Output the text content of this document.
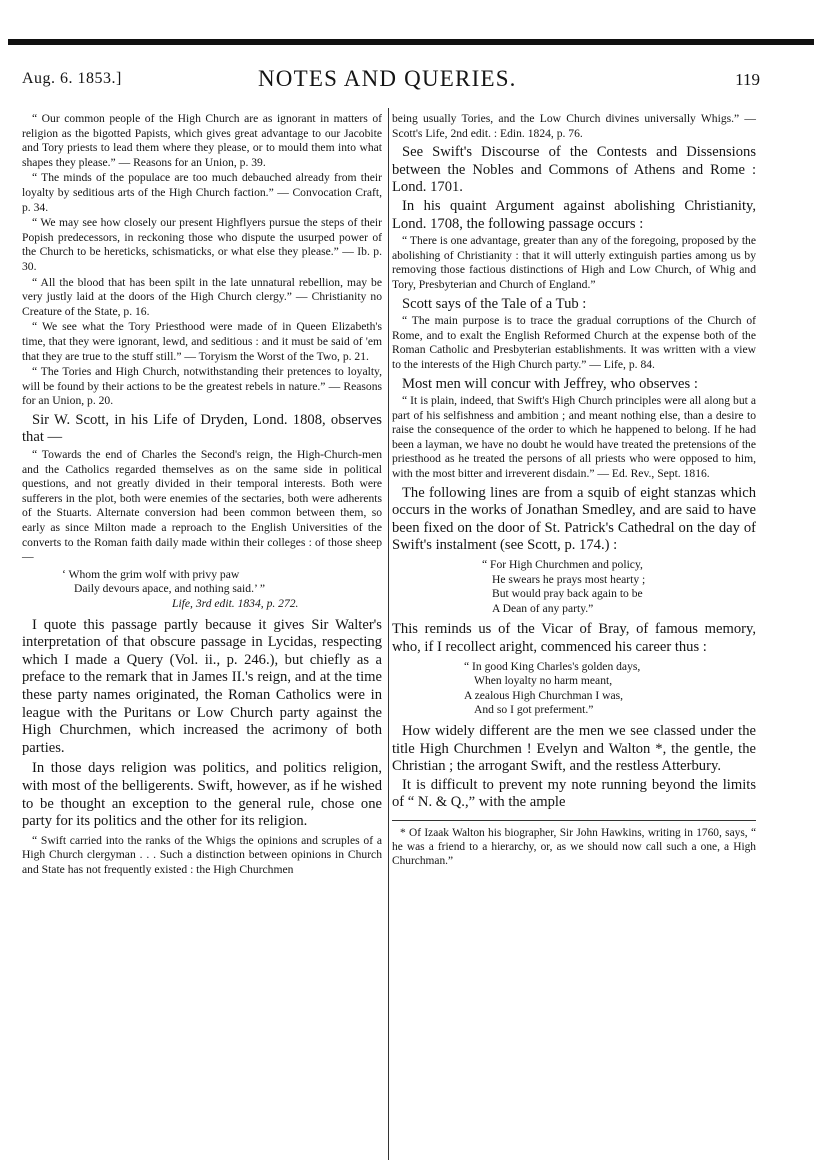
Aug. 6. 1853.]	NOTES AND QUERIES.	119

“ Our common people of the High Church are as ignorant in matters of religion as the bigotted Papists, which gives great advantage to our Jacobite and Tory priests to lead them where they please, or to mould them into what shapes they please.” — Reasons for an Union, p. 39.

“ The minds of the populace are too much debauched already from their loyalty by seditious arts of the High Church faction.” — Convocation Craft, p. 34.

“ We may see how closely our present Highflyers pursue the steps of their Popish predecessors, in reckoning those who dispute the usurped power of the Church to be hereticks, schismaticks, or what else they please.” — Ib. p. 30.

“ All the blood that has been spilt in the late unnatural rebellion, may be very justly laid at the doors of the High Church clergy.” — Christianity no Creature of the State, p. 16.

“ We see what the Tory Priesthood were made of in Queen Elizabeth's time, that they were ignorant, lewd, and seditious : and it must be said of 'em that they are true to the stuff still.” — Toryism the Worst of the Two, p. 21.

“ The Tories and High Church, notwithstanding their pretences to loyalty, will be found by their actions to be the greatest rebels in nature.” — Reasons for an Union, p. 20.

Sir W. Scott, in his Life of Dryden, Lond. 1808, observes that —

“ Towards the end of Charles the Second's reign, the High-Church-men and the Catholics regarded themselves as on the same side in political questions, and not greatly divided in their temporal interests. Both were sufferers in the plot, both were enemies of the sectaries, both were adherents of the Stuarts. Alternate conversion had been common between them, so early as since Milton made a reproach to the English Universities of the converts to the Roman faith daily made within their colleges : of those sheep —

‘ Whom the grim wolf with privy paw
Daily devours apace, and nothing said.’ ”
Life, 3rd edit. 1834, p. 272.

I quote this passage partly because it gives Sir Walter's interpretation of that obscure passage in Lycidas, respecting which I made a Query (Vol. ii., p. 246.), but chiefly as a preface to the remark that in James II.'s reign, and at the time these party names originated, the Roman Catholics were in league with the Puritans or Low Church party against the High Churchmen, which increased the acrimony of both parties.

In those days religion was politics, and politics religion, with most of the belligerents. Swift, however, as if he wished to be thought an exception to the general rule, chose one party for its politics and the other for its religion.

“ Swift carried into the ranks of the Whigs the opinions and scruples of a High Church clergyman . . . Such a distinction between opinions in Church and State has not frequently existed : the High Churchmen

being usually Tories, and the Low Church divines universally Whigs.” — Scott's Life, 2nd edit. : Edin. 1824, p. 76.

See Swift's Discourse of the Contests and Dissensions between the Nobles and Commons of Athens and Rome : Lond. 1701.

In his quaint Argument against abolishing Christianity, Lond. 1708, the following passage occurs :

“ There is one advantage, greater than any of the foregoing, proposed by the abolishing of Christianity : that it will utterly extinguish parties among us by removing those factious distinctions of High and Low Church, of Whig and Tory, Presbyterian and Church of England.”

Scott says of the Tale of a Tub :

“ The main purpose is to trace the gradual corruptions of the Church of Rome, and to exalt the English Reformed Church at the expense both of the Roman Catholic and Presbyterian establishments. It was written with a view to the interests of the High Church party.” — Life, p. 84.

Most men will concur with Jeffrey, who observes :

“ It is plain, indeed, that Swift's High Church principles were all along but a part of his selfishness and ambition ; and meant nothing else, than a desire to raise the consequence of the order to which he happened to belong. If he had been a layman, we have no doubt he would have treated the pretensions of the priesthood as he treated the persons of all priests who were opposed to him, with the most bitter and irreverent disdain.” — Ed. Rev., Sept. 1816.

The following lines are from a squib of eight stanzas which occurs in the works of Jonathan Smedley, and are said to have been fixed on the door of St. Patrick's Cathedral on the day of Swift's instalment (see Scott, p. 174.) :

“ For High Churchmen and policy,
He swears he prays most hearty ;
But would pray back again to be
A Dean of any party.”

This reminds us of the Vicar of Bray, of famous memory, who, if I recollect aright, commenced his career thus :

“ In good King Charles's golden days,
When loyalty no harm meant,
A zealous High Churchman I was,
And so I got preferment.”

How widely different are the men we see classed under the title High Churchmen ! Evelyn and Walton *, the gentle, the Christian ; the arrogant Swift, and the restless Atterbury.

It is difficult to prevent my note running beyond the limits of “ N. & Q.,” with the ample

* Of Izaak Walton his biographer, Sir John Hawkins, writing in 1760, says, “ he was a friend to a hierarchy, or, as we should now call such a one, a High Churchman.”
